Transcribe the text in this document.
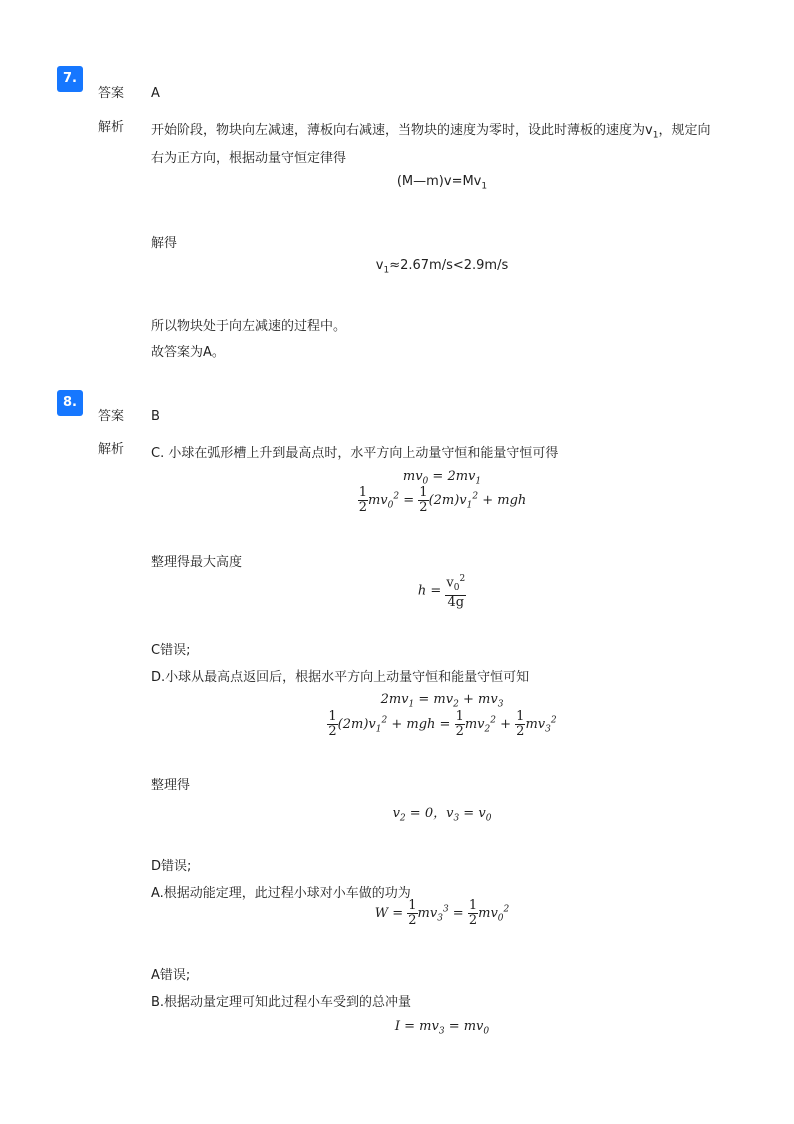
7.
答案 A
解析 开始阶段，物块向左减速，薄板向右减速，当物块的速度为零时，设此时薄板的速度为$v_1$，规定向
右为正方向，根据动量守恒定律得
$(M—m)v=Mv_1$
解得
$v_1\approx 2.67m/s<2.9m/s$
所以物块处于向左减速的过程中。
故答案为A。
8.
答案 B
解析 C. 小球在弧形槽上升到最高点时，水平方向上动量守恒和能量守恒可得
$mv_0 = 2mv_1$
$\frac{1}{2} mv_0^2 = \frac{1}{2} (2m)v_1^2$ + mgh
整理得最大高度
$h = \frac{v_0^2}{4g}$
C错误;
D.小球从最高点返回后，根据水平方向上动量守恒和能量守恒可知
$2mv_1 = mv_2 + mv_3$
$\frac{1}{2} (2m)v_1^2$ + mgh = $\frac{1}{2} mv_2^2 + \frac{1}{2} mv_3^2$
整理得
$v_2 = 0$，$v_3 = v_0$
D错误;
A.根据动能定理，此过程小球对小车做的功为
$W = \frac{1}{2} mv_3^3 = \frac{1}{2} mv_0^2$
A错误;
B.根据动量定理可知此过程小车受到的总冲量
$I = mv_3 = mv_0$
